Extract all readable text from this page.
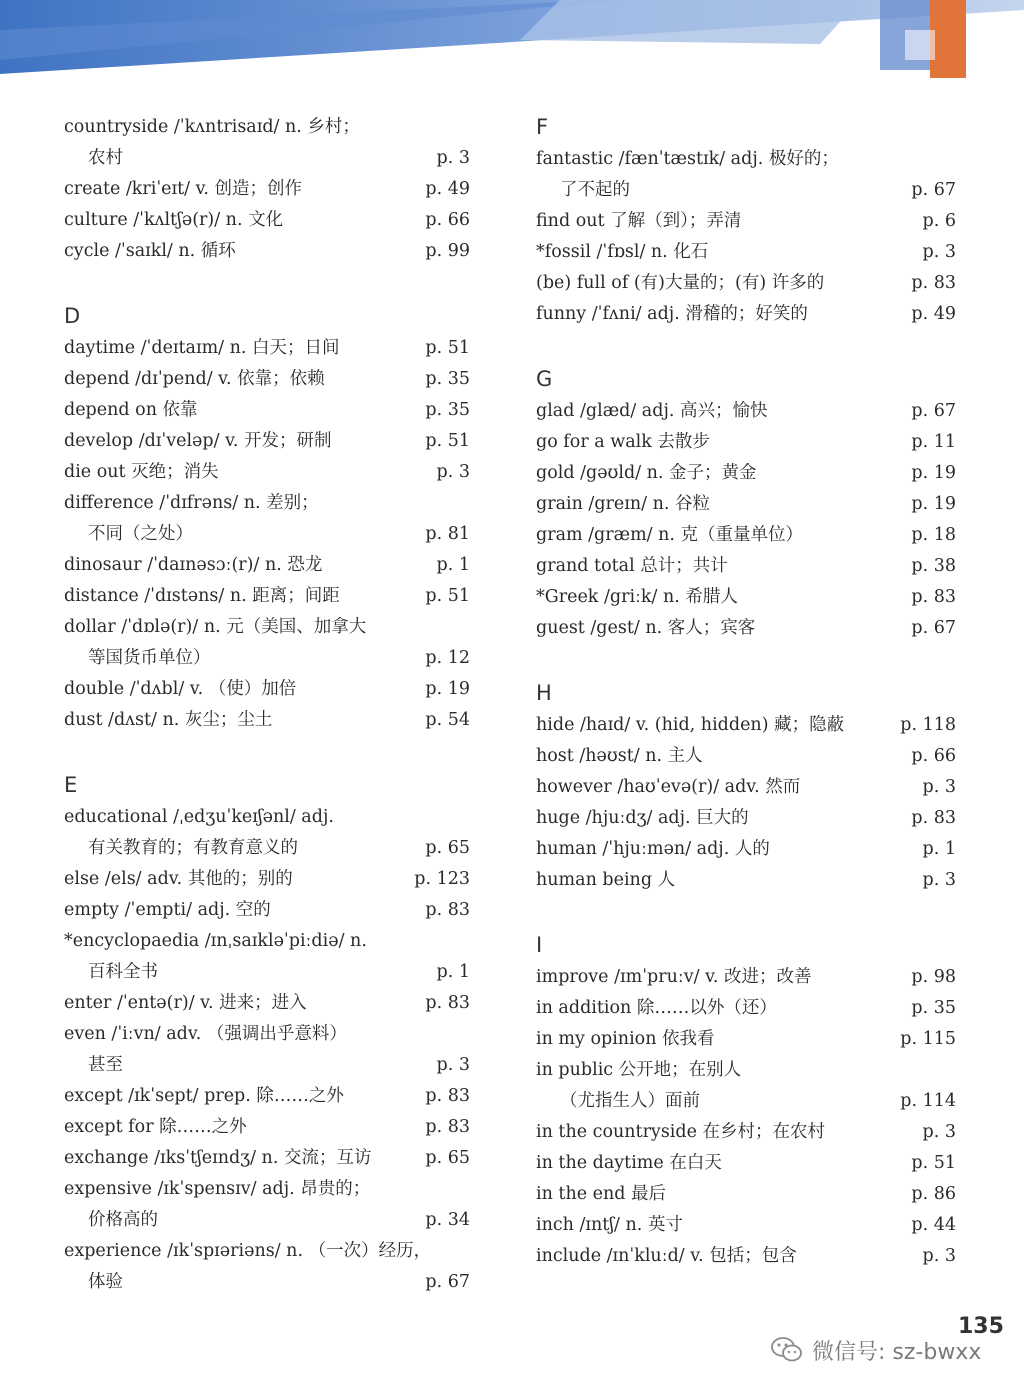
countryside /ˈkʌntrisaɪd/ n. 乡村；
农村	p. 3
create /kriˈeɪt/ v. 创造；创作	p. 49
culture /ˈkʌltʃə(r)/ n. 文化	p. 66
cycle /ˈsaɪkl/ n. 循环	p. 99
D
daytime /ˈdeɪtaɪm/ n. 白天；日间	p. 51
depend /dɪˈpend/ v. 依靠；依赖	p. 35
depend on 依靠	p. 35
develop /dɪˈveləp/ v. 开发；研制	p. 51
die out 灭绝；消失	p. 3
difference /ˈdɪfrəns/ n. 差别；
不同（之处）	p. 81
dinosaur /ˈdaɪnəsɔː(r)/ n. 恐龙	p. 1
distance /ˈdɪstəns/ n. 距离；间距	p. 51
dollar /ˈdɒlə(r)/ n. 元（美国、加拿大
等国货币单位）	p. 12
double /ˈdʌbl/ v. （使）加倍	p. 19
dust /dʌst/ n. 灰尘；尘土	p. 54
E
educational /ˌedʒuˈkeɪʃənl/ adj.
有关教育的；有教育意义的	p. 65
else /els/ adv. 其他的；别的	p. 123
empty /ˈempti/ adj. 空的	p. 83
*encyclopaedia /ɪnˌsaɪkləˈpiːdiə/ n.
百科全书	p. 1
enter /ˈentə(r)/ v. 进来；进入	p. 83
even /ˈiːvn/ adv. （强调出乎意料）
甚至	p. 3
except /ɪkˈsept/ prep. 除……之外	p. 83
except for 除……之外	p. 83
exchange /ɪksˈtʃeɪndʒ/ n. 交流；互访	p. 65
expensive /ɪkˈspensɪv/ adj. 昂贵的；
价格高的	p. 34
experience /ɪkˈspɪəriəns/ n. （一次）经历，
体验	p. 67
F
fantastic /fænˈtæstɪk/ adj. 极好的；
了不起的	p. 67
find out 了解（到）；弄清	p. 6
*fossil /ˈfɒsl/ n. 化石	p. 3
(be) full of (有)大量的；(有) 许多的	p. 83
funny /ˈfʌni/ adj. 滑稽的；好笑的	p. 49
G
glad /glæd/ adj. 高兴；愉快	p. 67
go for a walk 去散步	p. 11
gold /gəʊld/ n. 金子；黄金	p. 19
grain /greɪn/ n. 谷粒	p. 19
gram /græm/ n. 克（重量单位）	p. 18
grand total 总计；共计	p. 38
*Greek /griːk/ n. 希腊人	p. 83
guest /gest/ n. 客人；宾客	p. 67
H
hide /haɪd/ v. (hid, hidden) 藏；隐蔽	p. 118
host /həʊst/ n. 主人	p. 66
however /haʊˈevə(r)/ adv. 然而	p. 3
huge /hjuːdʒ/ adj. 巨大的	p. 83
human /ˈhjuːmən/ adj. 人的	p. 1
human being 人	p. 3
I
improve /ɪmˈpruːv/ v. 改进；改善	p. 98
in addition 除……以外（还）	p. 35
in my opinion 依我看	p. 115
in public 公开地；在别人
（尤指生人）面前	p. 114
in the countryside 在乡村；在农村	p. 3
in the daytime 在白天	p. 51
in the end 最后	p. 86
inch /ɪntʃ/ n. 英寸	p. 44
include /ɪnˈkluːd/ v. 包括；包含	p. 3
135
微信号: sz-bwxx
